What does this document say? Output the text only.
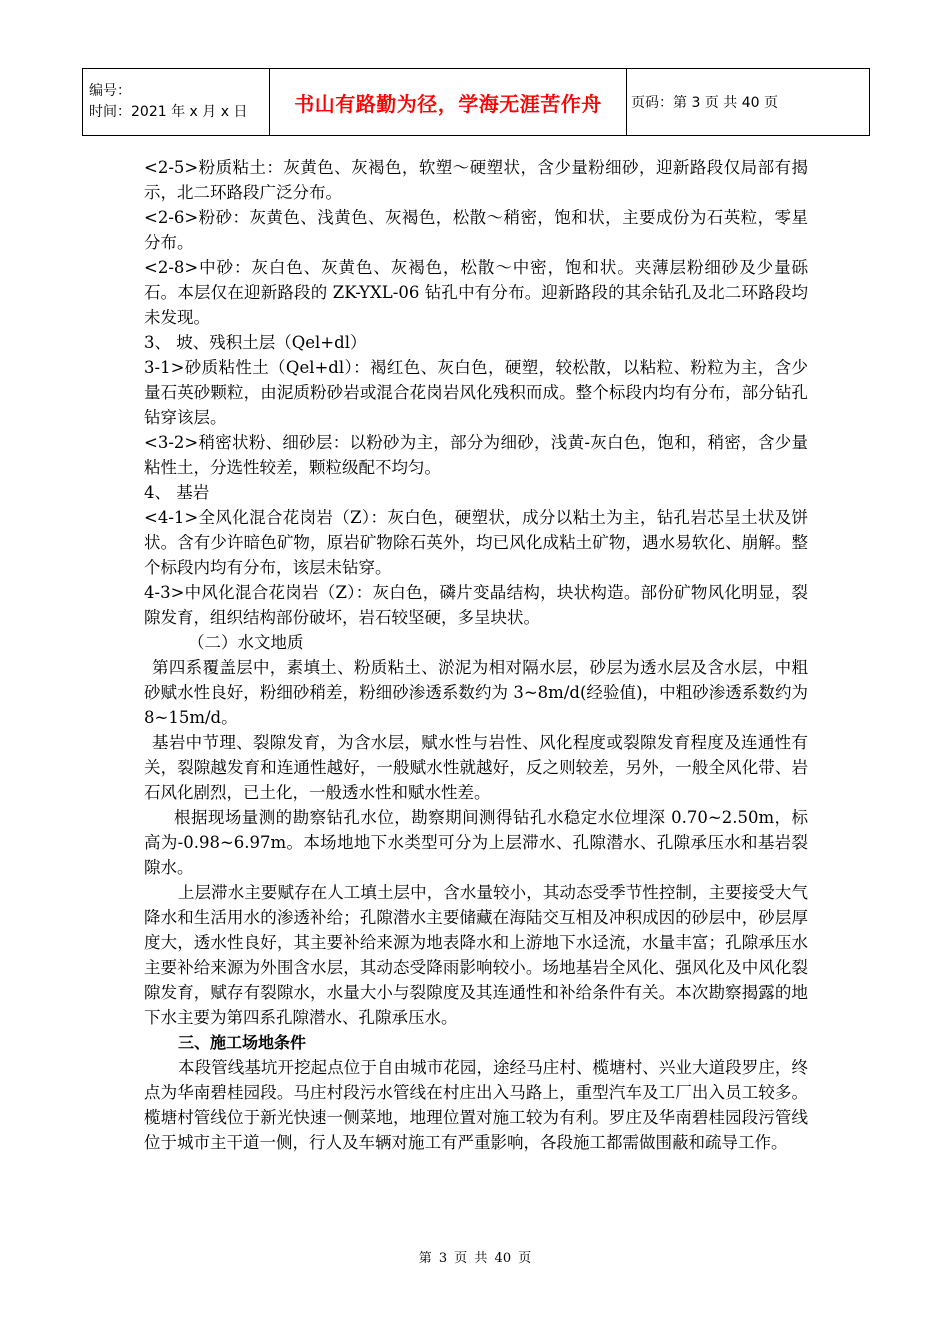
编号：
时间：2021 年 x 月 x 日	书山有路勤为径，学海无涯苦作舟	页码：第 3 页 共 40 页

<2-5>粉质粘土：灰黄色、灰褐色，软塑～硬塑状，含少量粉细砂，迎新路段仅局部有揭示，北二环路段广泛分布。

<2-6>粉砂：灰黄色、浅黄色、灰褐色，松散～稍密，饱和状，主要成份为石英粒，零星分布。

<2-8>中砂：灰白色、灰黄色、灰褐色，松散～中密，饱和状。夹薄层粉细砂及少量砾石。本层仅在迎新路段的 ZK-YXL-06 钻孔中有分布。迎新路段的其余钻孔及北二环路段均未发现。

3、 坡、残积土层（Qel+dl）

3-1>砂质粘性土（Qel+dl）：褐红色、灰白色，硬塑，较松散，以粘粒、粉粒为主，含少量石英砂颗粒，由泥质粉砂岩或混合花岗岩风化残积而成。整个标段内均有分布，部分钻孔钻穿该层。

<3-2>稍密状粉、细砂层：以粉砂为主，部分为细砂，浅黄-灰白色，饱和，稍密，含少量粘性土，分选性较差，颗粒级配不均匀。

4、 基岩

<4-1>全风化混合花岗岩（Z）：灰白色，硬塑状，成分以粘土为主，钻孔岩芯呈土状及饼状。含有少许暗色矿物，原岩矿物除石英外，均已风化成粘土矿物，遇水易软化、崩解。整个标段内均有分布，该层未钻穿。

4-3>中风化混合花岗岩（Z）：灰白色，磷片变晶结构，块状构造。部份矿物风化明显，裂隙发育，组织结构部份破坏，岩石较坚硬，多呈块状。

（二）水文地质

第四系覆盖层中，素填土、粉质粘土、淤泥为相对隔水层，砂层为透水层及含水层，中粗砂赋水性良好，粉细砂稍差，粉细砂渗透系数约为 3~8m/d(经验值)，中粗砂渗透系数约为 8~15m/d。

基岩中节理、裂隙发育，为含水层，赋水性与岩性、风化程度或裂隙发育程度及连通性有关，裂隙越发育和连通性越好，一般赋水性就越好，反之则较差，另外，一般全风化带、岩石风化剧烈，已土化，一般透水性和赋水性差。

根据现场量测的勘察钻孔水位，勘察期间测得钻孔水稳定水位埋深 0.70~2.50m，标高为-0.98~6.97m。本场地地下水类型可分为上层滞水、孔隙潜水、孔隙承压水和基岩裂隙水。

上层滞水主要赋存在人工填土层中，含水量较小，其动态受季节性控制，主要接受大气降水和生活用水的渗透补给；孔隙潜水主要储藏在海陆交互相及冲积成因的砂层中，砂层厚度大，透水性良好，其主要补给来源为地表降水和上游地下水迳流，水量丰富；孔隙承压水主要补给来源为外围含水层，其动态受降雨影响较小。场地基岩全风化、强风化及中风化裂隙发育，赋存有裂隙水，水量大小与裂隙度及其连通性和补给条件有关。本次勘察揭露的地下水主要为第四系孔隙潜水、孔隙承压水。

三、施工场地条件

本段管线基坑开挖起点位于自由城市花园，途经马庄村、榄塘村、兴业大道段罗庄，终点为华南碧桂园段。马庄村段污水管线在村庄出入马路上，重型汽车及工厂出入员工较多。榄塘村管线位于新光快速一侧菜地，地理位置对施工较为有利。罗庄及华南碧桂园段污管线位于城市主干道一侧，行人及车辆对施工有严重影响，各段施工都需做围蔽和疏导工作。

第 3 页 共 40 页
